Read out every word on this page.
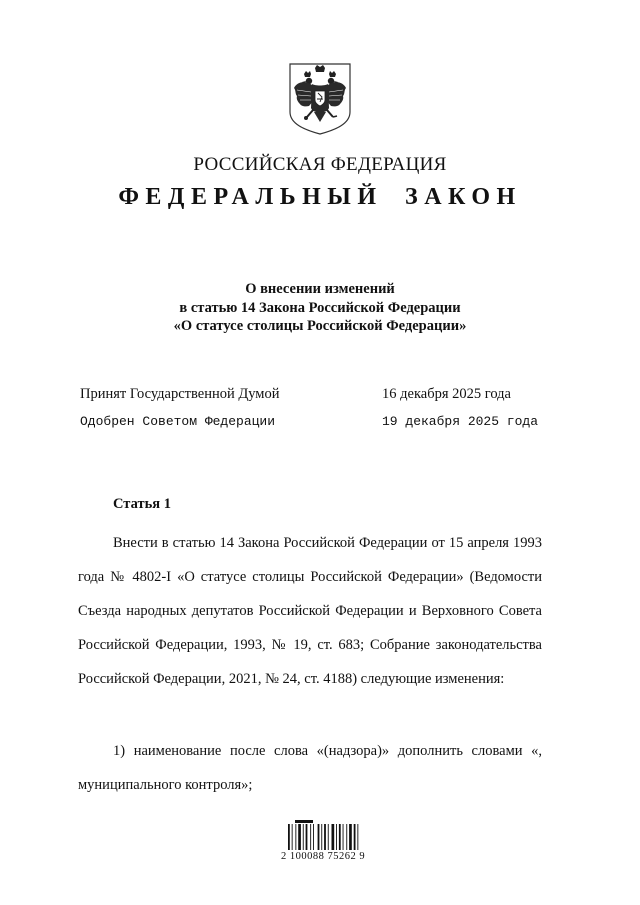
РОССИЙСКАЯ ФЕДЕРАЦИЯ
ФЕДЕРАЛЬНЫЙ ЗАКОН
О внесении изменений
в статью 14 Закона Российской Федерации
«О статусе столицы Российской Федерации»
Принят Государственной Думой	16 декабря 2025 года
Одобрен Советом Федерации	19 декабря 2025 года
Статья 1
Внести в статью 14 Закона Российской Федерации от 15 апреля 1993 года № 4802-I «О статусе столицы Российской Федерации» (Ведомости Съезда народных депутатов Российской Федерации и Верховного Совета Российской Федерации, 1993, № 19, ст. 683; Собрание законодательства Российской Федерации, 2021, № 24, ст. 4188) следующие изменения:
1) наименование после слова «(надзора)» дополнить словами «, муниципального контроля»;
2 100088 75262 9
